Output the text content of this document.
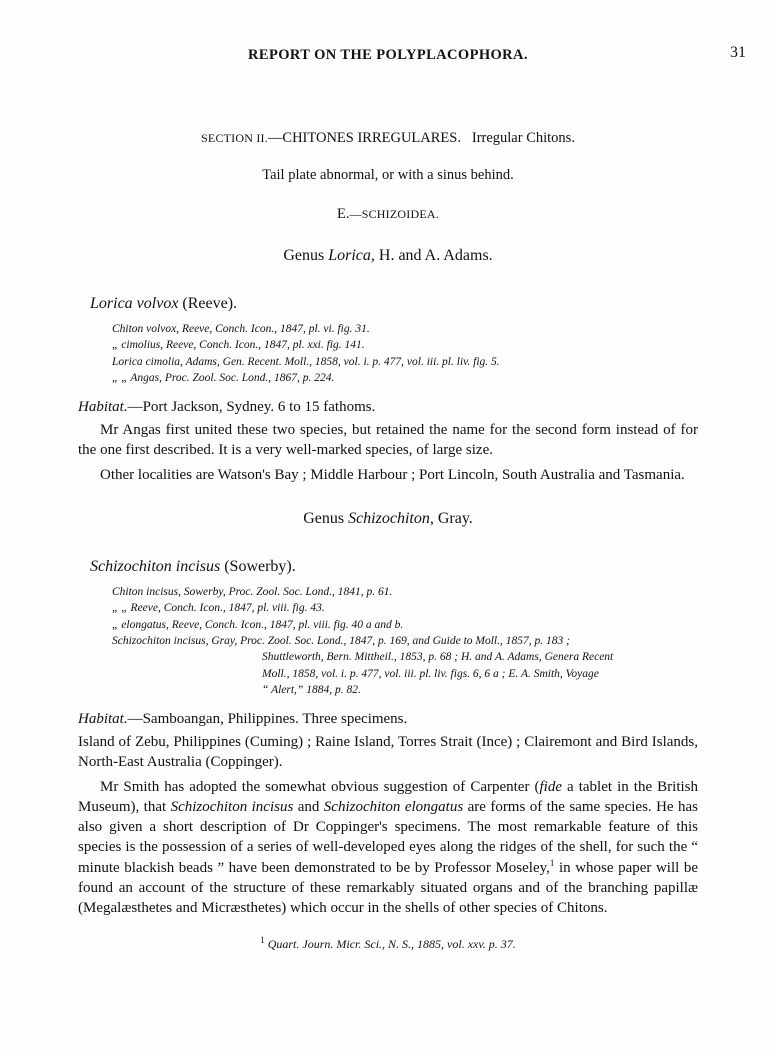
31
REPORT ON THE POLYPLACOPHORA.
SECTION II.—CHITONES IRREGULARES. Irregular Chitons.
Tail plate abnormal, or with a sinus behind.
E.—SCHIZOIDEA.
Genus Lorica, H. and A. Adams.
Lorica volvox (Reeve).
Chiton volvox, Reeve, Conch. Icon., 1847, pl. vi. fig. 31.
„ cimolius, Reeve, Conch. Icon., 1847, pl. xxi. fig. 141.
Lorica cimolia, Adams, Gen. Recent. Moll., 1858, vol. i. p. 477, vol. iii. pl. liv. fig. 5.
„ „ Angas, Proc. Zool. Soc. Lond., 1867, p. 224.
Habitat.—Port Jackson, Sydney. 6 to 15 fathoms.

Mr Angas first united these two species, but retained the name for the second form instead of for the one first described. It is a very well-marked species, of large size.

Other localities are Watson's Bay ; Middle Harbour ; Port Lincoln, South Australia and Tasmania.

Genus Schizochiton, Gray.
Schizochiton incisus (Sowerby).
Chiton incisus, Sowerby, Proc. Zool. Soc. Lond., 1841, p. 61.
„ „ Reeve, Conch. Icon., 1847, pl. viii. fig. 43.
„ elongatus, Reeve, Conch. Icon., 1847, pl. viii. fig. 40 a and b.
Schizochiton incisus, Gray, Proc. Zool. Soc. Lond., 1847, p. 169, and Guide to Moll., 1857, p. 183 ;
Shuttleworth, Bern. Mittheil., 1853, p. 68 ; H. and A. Adams, Genera Recent
Moll., 1858, vol. i. p. 477, vol. iii. pl. liv. figs. 6, 6 a ; E. A. Smith, Voyage
“ Alert,” 1884, p. 82.
Habitat.—Samboangan, Philippines. Three specimens.

Island of Zebu, Philippines (Cuming) ; Raine Island, Torres Strait (Ince) ; Clairemont and Bird Islands, North-East Australia (Coppinger).

Mr Smith has adopted the somewhat obvious suggestion of Carpenter (fide a tablet in the British Museum), that Schizochiton incisus and Schizochiton elongatus are forms of the same species. He has also given a short description of Dr Coppinger's specimens. The most remarkable feature of this species is the possession of a series of well-developed eyes along the ridges of the shell, for such the “ minute blackish beads ” have been demonstrated to be by Professor Moseley,$^1$ in whose paper will be found an account of the structure of these remarkably situated organs and of the branching papillæ (Megalæsthetes and Micræsthetes) which occur in the shells of other species of Chitons.

$^1$ Quart. Journ. Micr. Sci., N. S., 1885, vol. xxv. p. 37.
